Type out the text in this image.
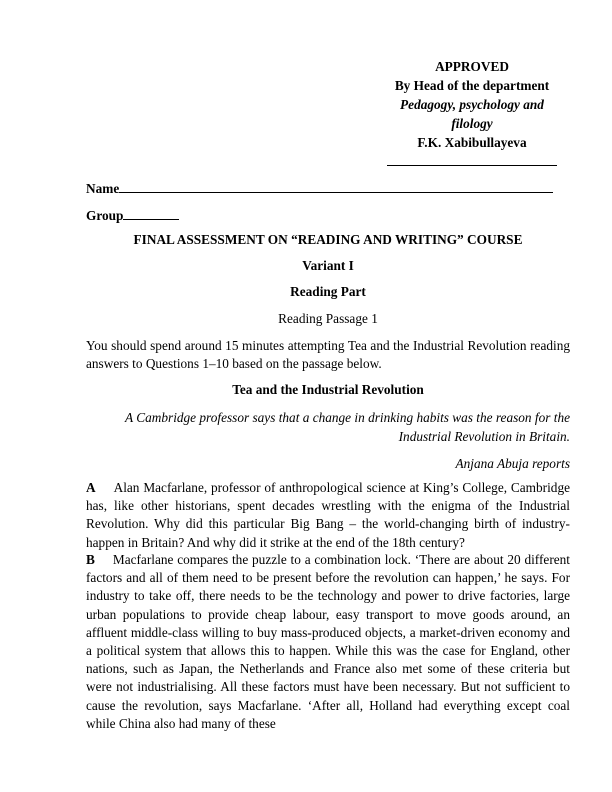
APPROVED
By Head of the department
Pedagogy, psychology and
filology
F.K. Xabibullayeva
Name
Group
FINAL ASSESSMENT ON “READING AND WRITING” COURSE
Variant I
Reading Part
Reading Passage 1
You should spend around 15 minutes attempting Tea and the Industrial Revolution reading answers to Questions 1–10 based on the passage below.
Tea and the Industrial Revolution
A Cambridge professor says that a change in drinking habits was the reason for the Industrial Revolution in Britain.
Anjana Abuja reports
A Alan Macfarlane, professor of anthropological science at King’s College, Cambridge has, like other historians, spent decades wrestling with the enigma of the Industrial Revolution. Why did this particular Big Bang – the world-changing birth of industry-happen in Britain? And why did it strike at the end of the 18th century?
B Macfarlane compares the puzzle to a combination lock. ‘There are about 20 different factors and all of them need to be present before the revolution can happen,’ he says. For industry to take off, there needs to be the technology and power to drive factories, large urban populations to provide cheap labour, easy transport to move goods around, an affluent middle-class willing to buy mass-produced objects, a market-driven economy and a political system that allows this to happen. While this was the case for England, other nations, such as Japan, the Netherlands and France also met some of these criteria but were not industrialising. All these factors must have been necessary. But not sufficient to cause the revolution, says Macfarlane. ‘After all, Holland had everything except coal while China also had many of these
